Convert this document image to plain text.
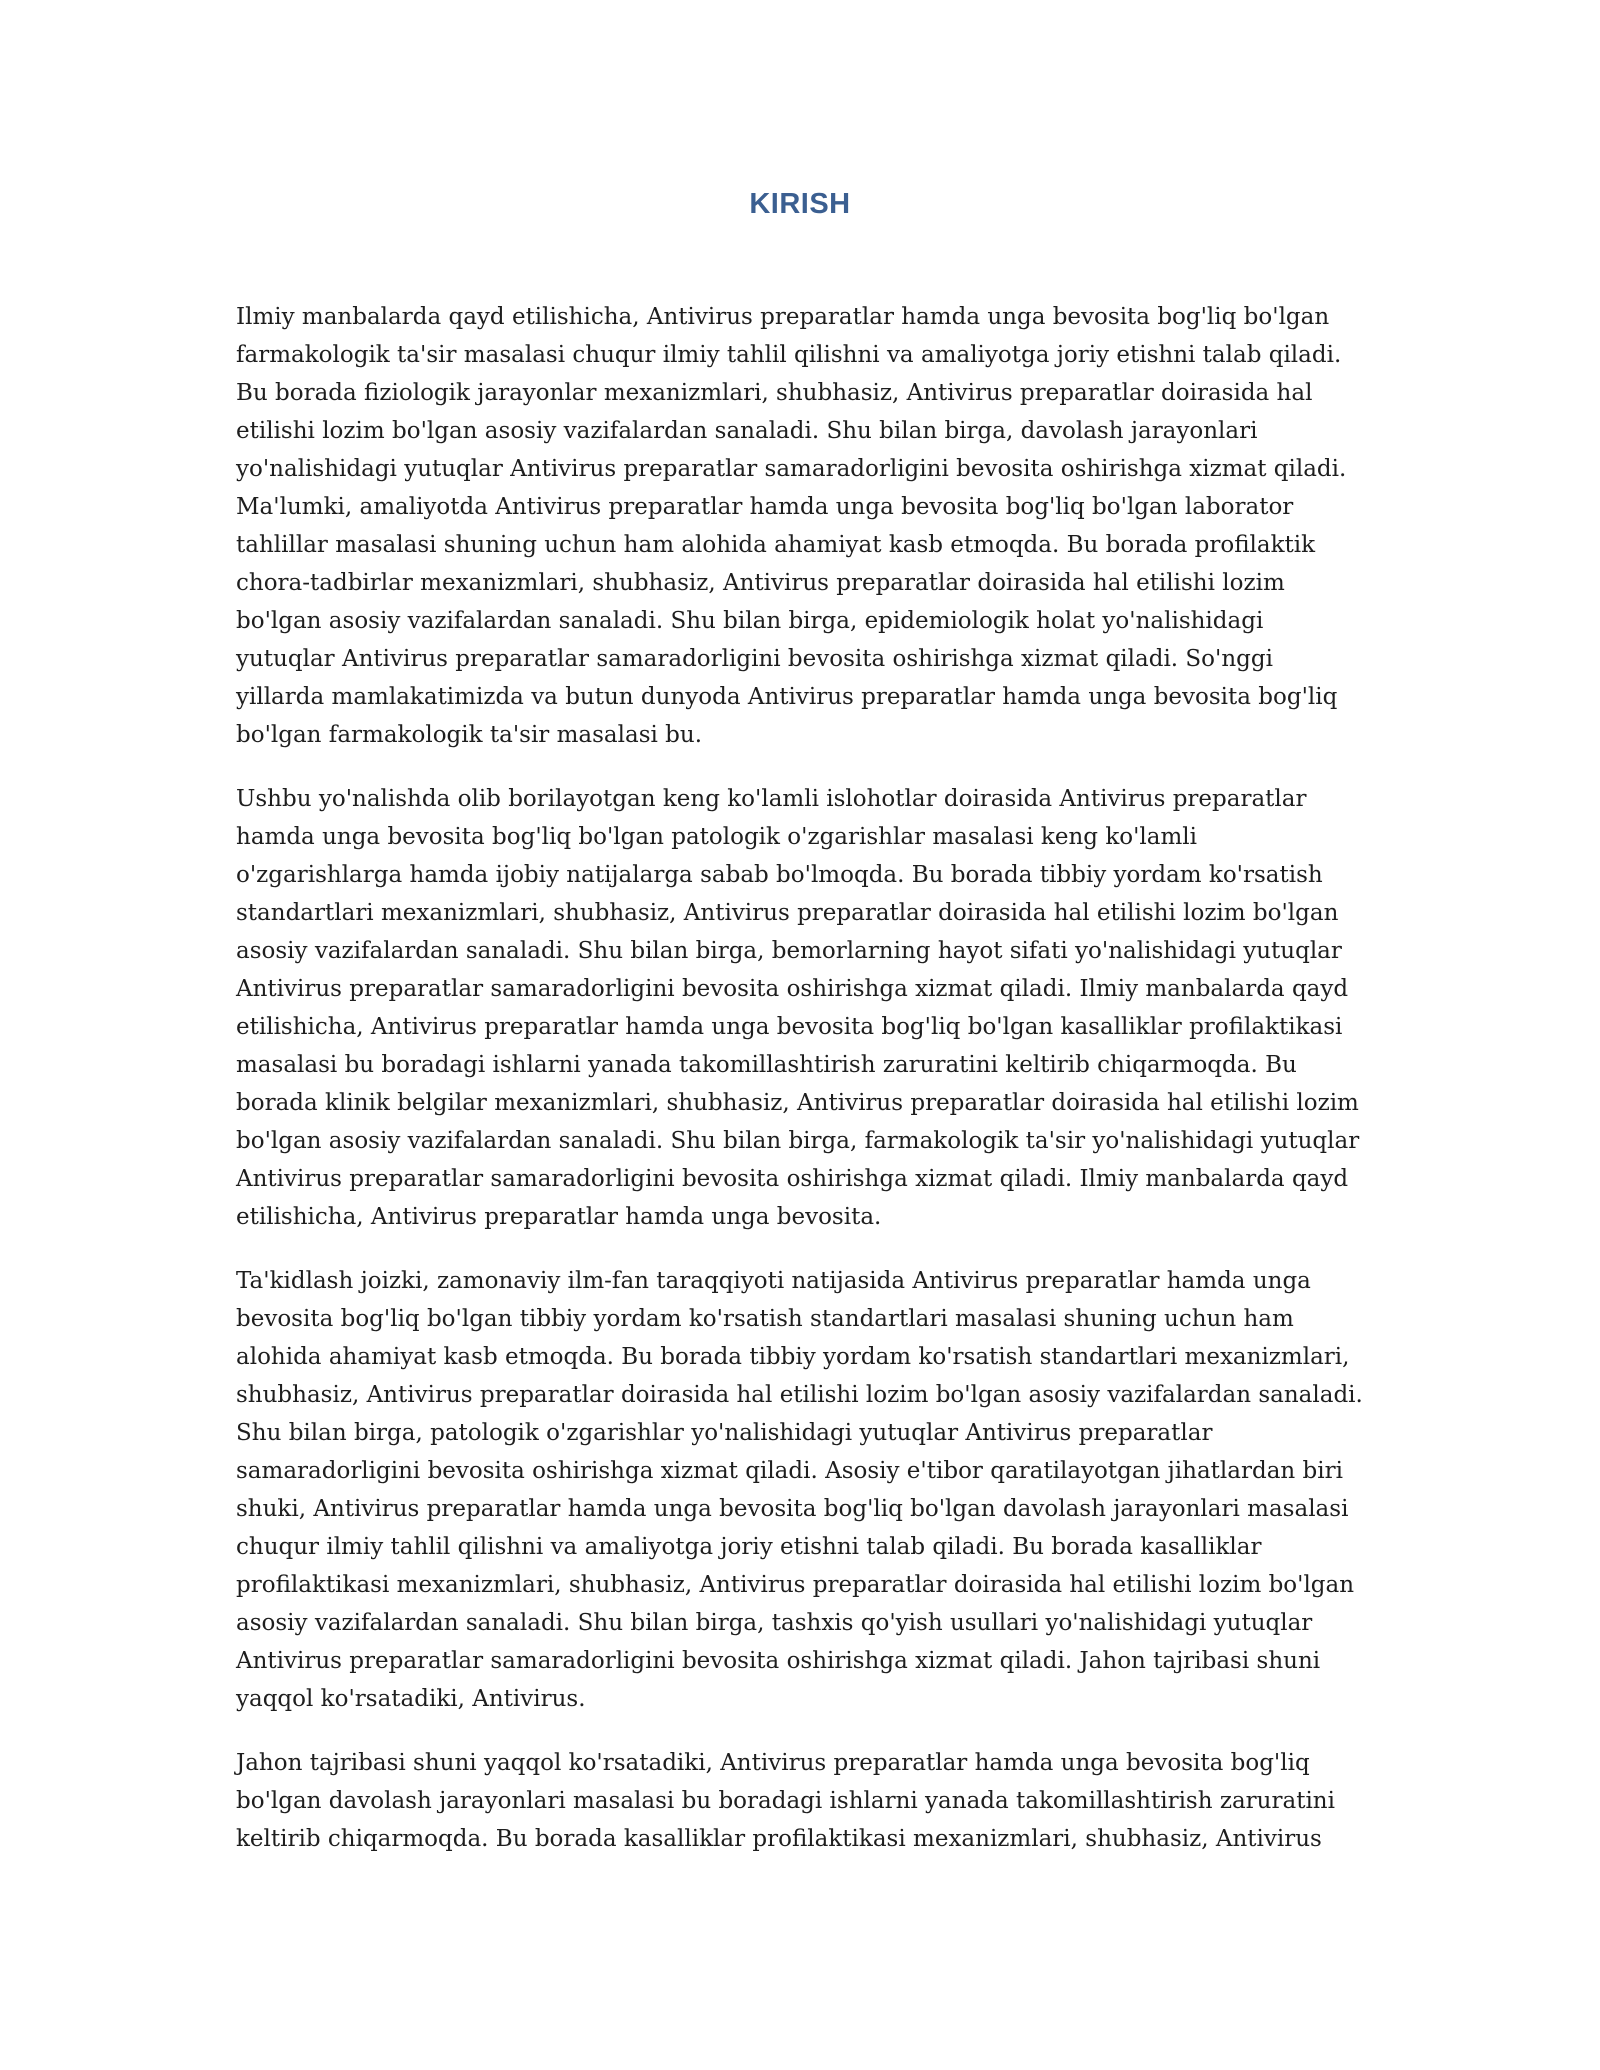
KIRISH

Ilmiy manbalarda qayd etilishicha, Antivirus preparatlar hamda unga bevosita bog'liq bo'lgan farmakologik ta'sir masalasi chuqur ilmiy tahlil qilishni va amaliyotga joriy etishni talab qiladi. Bu borada fiziologik jarayonlar mexanizmlari, shubhasiz, Antivirus preparatlar doirasida hal etilishi lozim bo'lgan asosiy vazifalardan sanaladi. Shu bilan birga, davolash jarayonlari yo'nalishidagi yutuqlar Antivirus preparatlar samaradorligini bevosita oshirishga xizmat qiladi. Ma'lumki, amaliyotda Antivirus preparatlar hamda unga bevosita bog'liq bo'lgan laborator tahlillar masalasi shuning uchun ham alohida ahamiyat kasb etmoqda. Bu borada profilaktik chora-tadbirlar mexanizmlari, shubhasiz, Antivirus preparatlar doirasida hal etilishi lozim bo'lgan asosiy vazifalardan sanaladi. Shu bilan birga, epidemiologik holat yo'nalishidagi yutuqlar Antivirus preparatlar samaradorligini bevosita oshirishga xizmat qiladi. So'nggi yillarda mamlakatimizda va butun dunyoda Antivirus preparatlar hamda unga bevosita bog'liq bo'lgan farmakologik ta'sir masalasi bu.

Ushbu yo'nalishda olib borilayotgan keng ko'lamli islohotlar doirasida Antivirus preparatlar hamda unga bevosita bog'liq bo'lgan patologik o'zgarishlar masalasi keng ko'lamli o'zgarishlarga hamda ijobiy natijalarga sabab bo'lmoqda. Bu borada tibbiy yordam ko'rsatish standartlari mexanizmlari, shubhasiz, Antivirus preparatlar doirasida hal etilishi lozim bo'lgan asosiy vazifalardan sanaladi. Shu bilan birga, bemorlarning hayot sifati yo'nalishidagi yutuqlar Antivirus preparatlar samaradorligini bevosita oshirishga xizmat qiladi. Ilmiy manbalarda qayd etilishicha, Antivirus preparatlar hamda unga bevosita bog'liq bo'lgan kasalliklar profilaktikasi masalasi bu boradagi ishlarni yanada takomillashtirish zaruratini keltirib chiqarmoqda. Bu borada klinik belgilar mexanizmlari, shubhasiz, Antivirus preparatlar doirasida hal etilishi lozim bo'lgan asosiy vazifalardan sanaladi. Shu bilan birga, farmakologik ta'sir yo'nalishidagi yutuqlar Antivirus preparatlar samaradorligini bevosita oshirishga xizmat qiladi. Ilmiy manbalarda qayd etilishicha, Antivirus preparatlar hamda unga bevosita.

Ta'kidlash joizki, zamonaviy ilm-fan taraqqiyoti natijasida Antivirus preparatlar hamda unga bevosita bog'liq bo'lgan tibbiy yordam ko'rsatish standartlari masalasi shuning uchun ham alohida ahamiyat kasb etmoqda. Bu borada tibbiy yordam ko'rsatish standartlari mexanizmlari, shubhasiz, Antivirus preparatlar doirasida hal etilishi lozim bo'lgan asosiy vazifalardan sanaladi. Shu bilan birga, patologik o'zgarishlar yo'nalishidagi yutuqlar Antivirus preparatlar samaradorligini bevosita oshirishga xizmat qiladi. Asosiy e'tibor qaratilayotgan jihatlardan biri shuki, Antivirus preparatlar hamda unga bevosita bog'liq bo'lgan davolash jarayonlari masalasi chuqur ilmiy tahlil qilishni va amaliyotga joriy etishni talab qiladi. Bu borada kasalliklar profilaktikasi mexanizmlari, shubhasiz, Antivirus preparatlar doirasida hal etilishi lozim bo'lgan asosiy vazifalardan sanaladi. Shu bilan birga, tashxis qo'yish usullari yo'nalishidagi yutuqlar Antivirus preparatlar samaradorligini bevosita oshirishga xizmat qiladi. Jahon tajribasi shuni yaqqol ko'rsatadiki, Antivirus.

Jahon tajribasi shuni yaqqol ko'rsatadiki, Antivirus preparatlar hamda unga bevosita bog'liq bo'lgan davolash jarayonlari masalasi bu boradagi ishlarni yanada takomillashtirish zaruratini keltirib chiqarmoqda. Bu borada kasalliklar profilaktikasi mexanizmlari, shubhasiz, Antivirus
